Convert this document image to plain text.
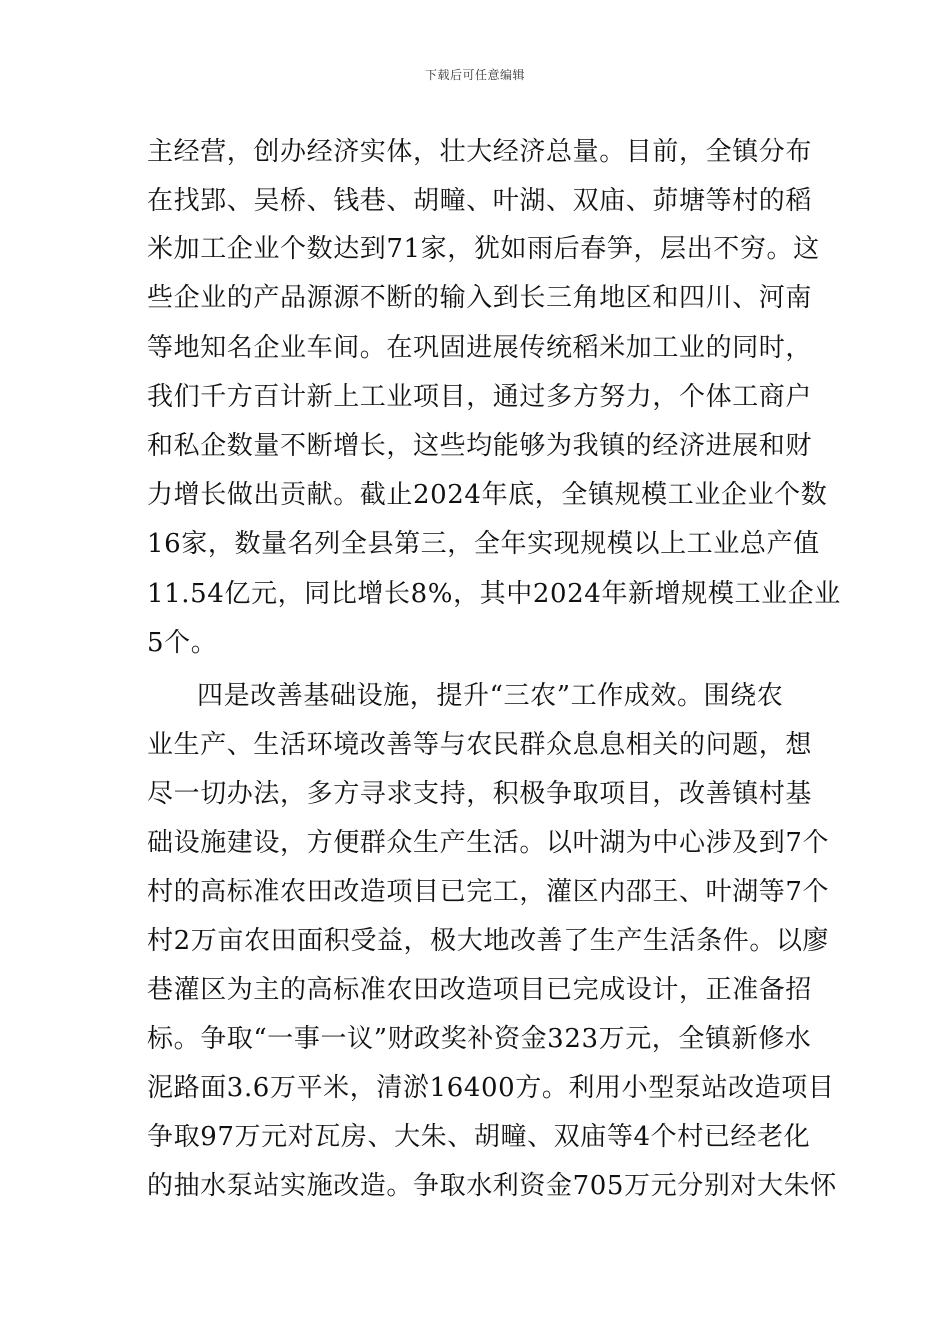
下载后可任意编辑
主经营，创办经济实体，壮大经济总量。目前，全镇分布
在找郢、吴桥、钱巷、胡疃、叶湖、双庙、茆塘等村的稻
米加工企业个数达到71家，犹如雨后春笋，层出不穷。这
些企业的产品源源不断的输入到长三角地区和四川、河南
等地知名企业车间。在巩固进展传统稻米加工业的同时，
我们千方百计新上工业项目，通过多方努力，个体工商户
和私企数量不断增长，这些均能够为我镇的经济进展和财
力增长做出贡献。截止2024年底，全镇规模工业企业个数
16家，数量名列全县第三，全年实现规模以上工业总产值
11.54亿元，同比增长8%，其中2024年新增规模工业企业
5个。
四是改善基础设施，提升“三农”工作成效。围绕农
业生产、生活环境改善等与农民群众息息相关的问题，想
尽一切办法，多方寻求支持，积极争取项目，改善镇村基
础设施建设，方便群众生产生活。以叶湖为中心涉及到7个
村的高标准农田改造项目已完工，灌区内邵王、叶湖等7个
村2万亩农田面积受益，极大地改善了生产生活条件。以廖
巷灌区为主的高标准农田改造项目已完成设计，正准备招
标。争取“一事一议”财政奖补资金323万元，全镇新修水
泥路面3.6万平米，清淤16400方。利用小型泵站改造项目
争取97万元对瓦房、大朱、胡疃、双庙等4个村已经老化
的抽水泵站实施改造。争取水利资金705万元分别对大朱怀
